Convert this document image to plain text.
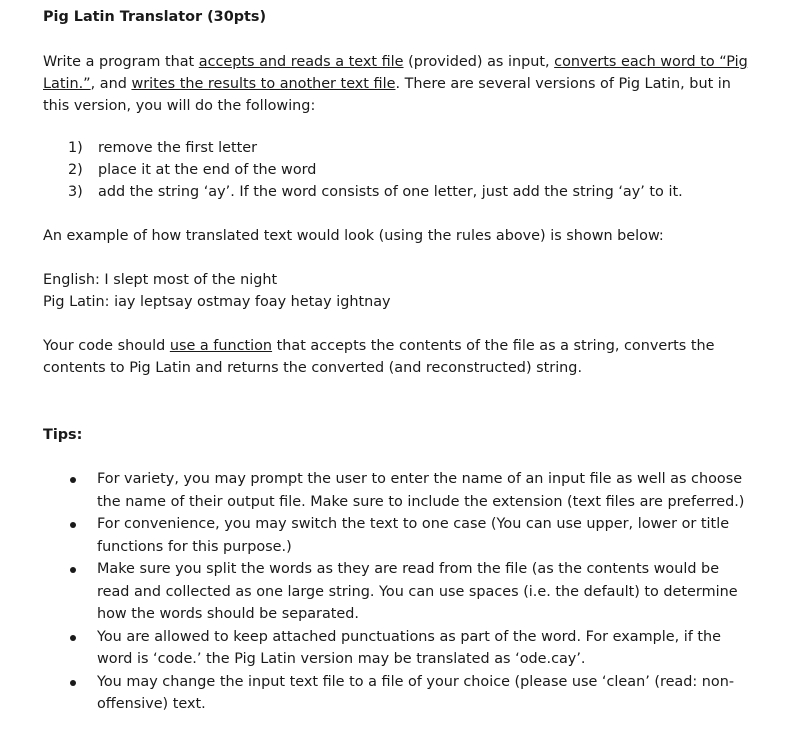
Pig Latin Translator (30pts)

Write a program that accepts and reads a text file (provided) as input, converts each word to “Pig Latin.”, and writes the results to another text file. There are several versions of Pig Latin, but in this version, you will do the following:

1) remove the first letter
2) place it at the end of the word
3) add the string ‘ay’. If the word consists of one letter, just add the string ‘ay’ to it.

An example of how translated text would look (using the rules above) is shown below:

English: I slept most of the night

Pig Latin: iay leptsay ostmay foay hetay ightnay

Your code should use a function that accepts the contents of the file as a string, converts the contents to Pig Latin and returns the converted (and reconstructed) string.

Tips:

For variety, you may prompt the user to enter the name of an input file as well as choose the name of their output file. Make sure to include the extension (text files are preferred.)
For convenience, you may switch the text to one case (You can use upper, lower or title functions for this purpose.)
Make sure you split the words as they are read from the file (as the contents would be read and collected as one large string. You can use spaces (i.e. the default) to determine how the words should be separated.
You are allowed to keep attached punctuations as part of the word. For example, if the word is ‘code.’ the Pig Latin version may be translated as ‘ode.cay’.
You may change the input text file to a file of your choice (please use ‘clean’ (read: non-offensive) text.
